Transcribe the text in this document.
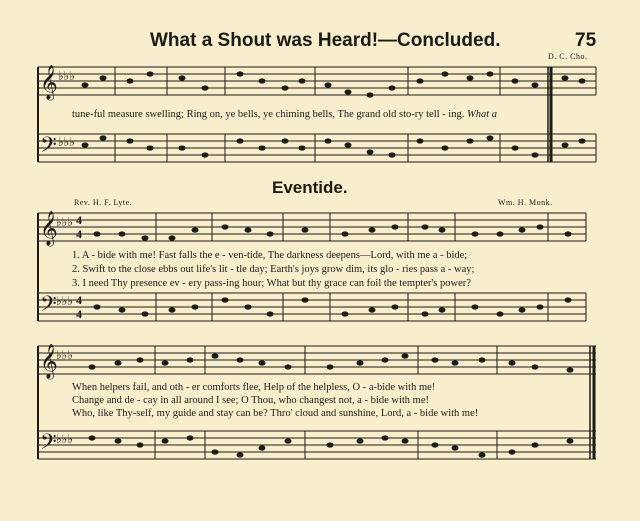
What a Shout was Heard!—Concluded.	75
D. C. Cho.
𝄞
𝄢
♭♭♭
♭♭♭
tune-ful measure swelling; Ring on, ye bells, ye chiming bells, The grand old sto-ry tell - ing. What a
Eventide.
Rev. H. F. Lyte.	Wm. H. Monk.
𝄞
𝄢
♭♭♭
♭♭♭
4
4
4
4
1. A - bide with me! Fast falls the e - ven-tide, The darkness deepens—Lord, with me a - bide;
2. Swift to the close ebbs out life's lit - tle day; Earth's joys grow dim, its glo - ries pass a - way;
3. I need Thy presence ev - ery pass-ing hour; What but thy grace can foil the tempter's power?
𝄞
𝄢
♭♭♭
♭♭♭
When helpers fail, and oth - er comforts flee, Help of the helpless, O - a-bide with me!
Change and de - cay in all around I see; O Thou, who changest not, a - bide with me!
Who, like Thy-self, my guide and stay can be? Thro' cloud and sunshine, Lord, a - bide with me!
